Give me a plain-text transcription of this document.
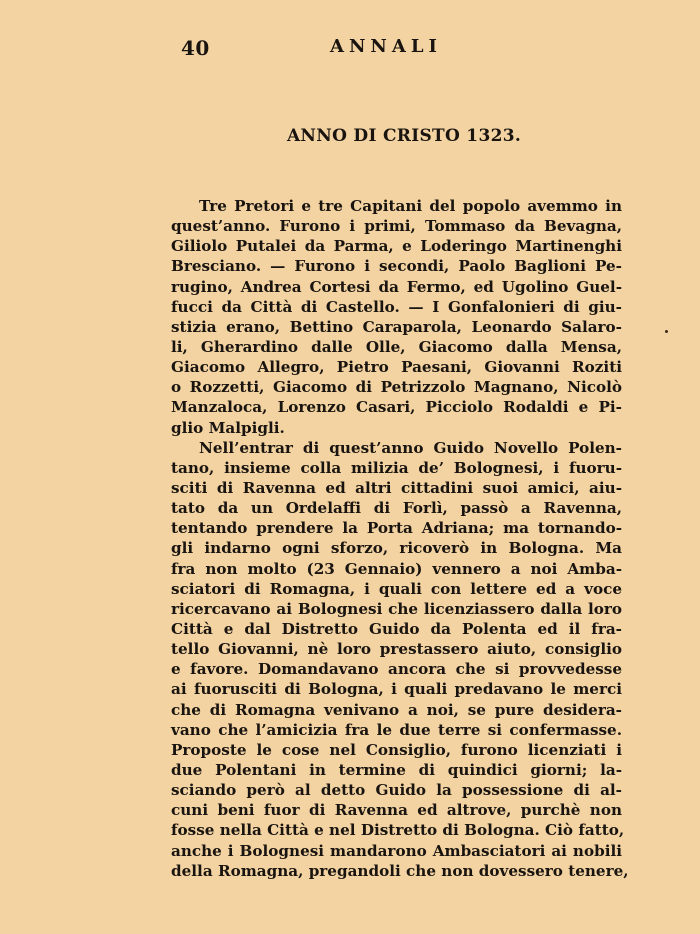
40	ANNALI
ANNO DI CRISTO 1323.
Tre Pretori e tre Capitani del popolo avemmo in
quest’anno. Furono i primi, Tommaso da Bevagna,
Giliolo Putalei da Parma, e Loderingo Martinenghi
Bresciano. — Furono i secondi, Paolo Baglioni Pe-
rugino, Andrea Cortesi da Fermo, ed Ugolino Guel-
fucci da Città di Castello. — I Gonfalonieri di giu-
stizia erano, Bettino Caraparola, Leonardo Salaro-
li, Gherardino dalle Olle, Giacomo dalla Mensa,
Giacomo Allegro, Pietro Paesani, Giovanni Roziti
o Rozzetti, Giacomo di Petrizzolo Magnano, Nicolò
Manzaloca, Lorenzo Casari, Picciolo Rodaldi e Pi-
glio Malpigli.
Nell’entrar di quest’anno Guido Novello Polen-
tano, insieme colla milizia de’ Bolognesi, i fuoru-
sciti di Ravenna ed altri cittadini suoi amici, aiu-
tato da un Ordelaffi di Forlì, passò a Ravenna,
tentando prendere la Porta Adriana; ma tornando-
gli indarno ogni sforzo, ricoverò in Bologna. Ma
fra non molto (23 Gennaio) vennero a noi Amba-
sciatori di Romagna, i quali con lettere ed a voce
ricercavano ai Bolognesi che licenziassero dalla loro
Città e dal Distretto Guido da Polenta ed il fra-
tello Giovanni, nè loro prestassero aiuto, consiglio
e favore. Domandavano ancora che si provvedesse
ai fuorusciti di Bologna, i quali predavano le merci
che di Romagna venivano a noi, se pure desidera-
vano che l’amicizia fra le due terre si confermasse.
Proposte le cose nel Consiglio, furono licenziati i
due Polentani in termine di quindici giorni; la-
sciando però al detto Guido la possessione di al-
cuni beni fuor di Ravenna ed altrove, purchè non
fosse nella Città e nel Distretto di Bologna. Ciò fatto,
anche i Bolognesi mandarono Ambasciatori ai nobili
della Romagna, pregandoli che non dovessero tenere,
